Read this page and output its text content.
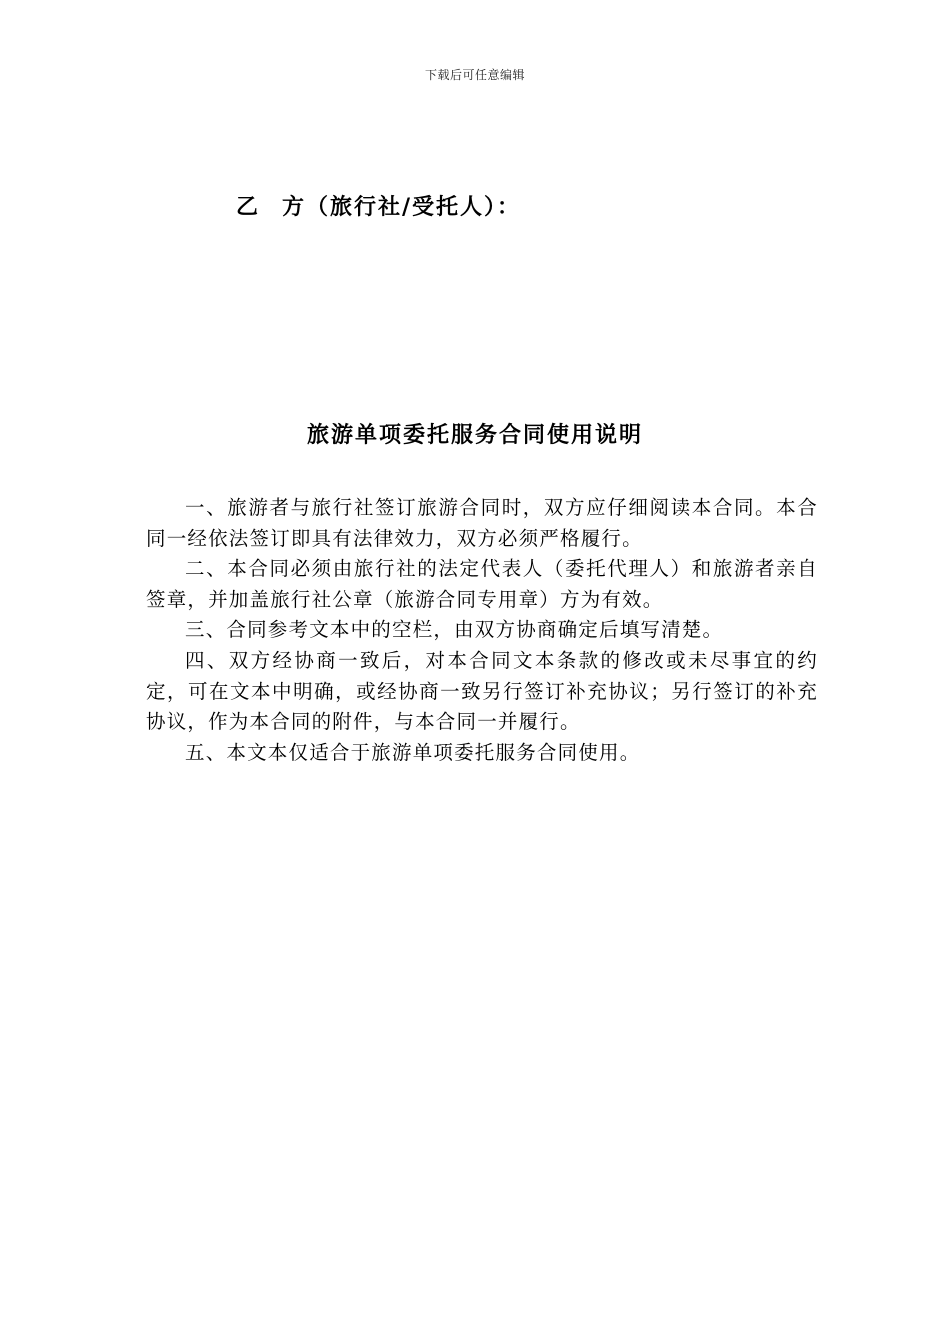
下载后可任意编辑
乙 方（旅行社/受托人）：
旅游单项委托服务合同使用说明

一、旅游者与旅行社签订旅游合同时，双方应仔细阅读本合同。本合同一经依法签订即具有法律效力，双方必须严格履行。

二、本合同必须由旅行社的法定代表人（委托代理人）和旅游者亲自签章，并加盖旅行社公章（旅游合同专用章）方为有效。

三、合同参考文本中的空栏，由双方协商确定后填写清楚。

四、双方经协商一致后，对本合同文本条款的修改或未尽事宜的约定，可在文本中明确，或经协商一致另行签订补充协议；另行签订的补充协议，作为本合同的附件，与本合同一并履行。

五、本文本仅适合于旅游单项委托服务合同使用。
